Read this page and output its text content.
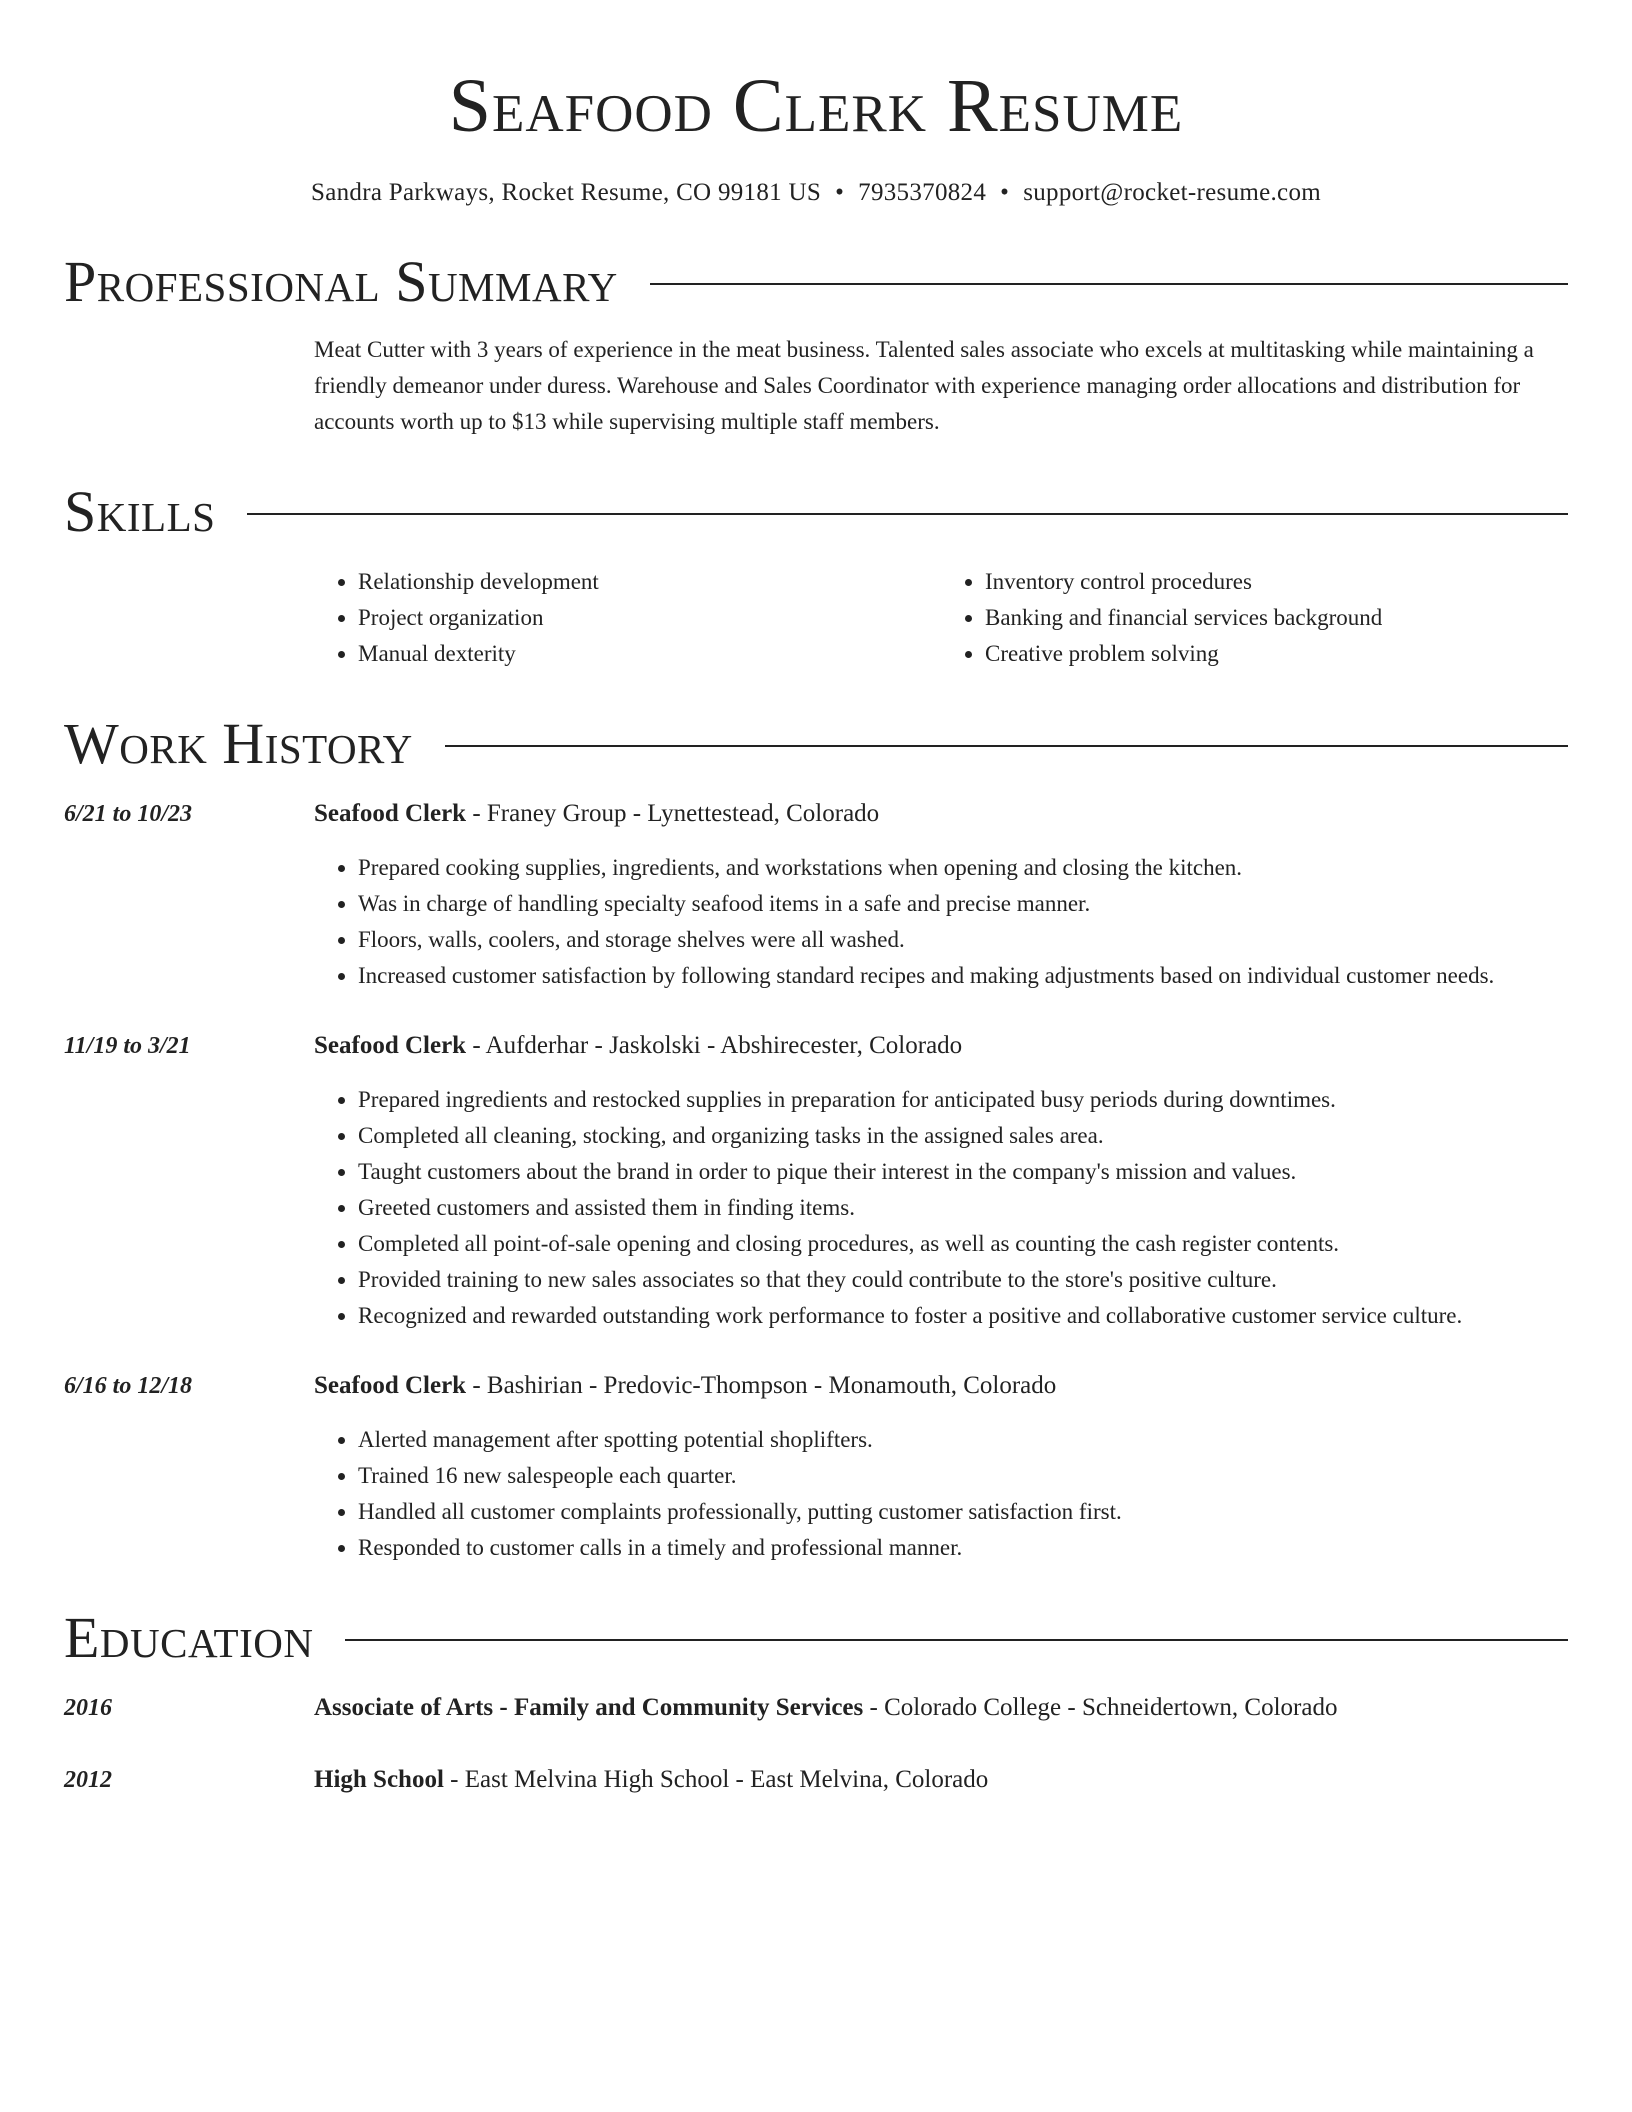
Seafood Clerk Resume
Sandra Parkways, Rocket Resume, CO 99181 US • 7935370824 • support@rocket-resume.com
Professional Summary
Meat Cutter with 3 years of experience in the meat business. Talented sales associate who excels at multitasking while maintaining a friendly demeanor under duress. Warehouse and Sales Coordinator with experience managing order allocations and distribution for accounts worth up to $13 while supervising multiple staff members.
Skills
• Relationship development
• Project organization
• Manual dexterity
• Inventory control procedures
• Banking and financial services background
• Creative problem solving
Work History
6/21 to 10/23	Seafood Clerk - Franey Group - Lynettestead, Colorado
• Prepared cooking supplies, ingredients, and workstations when opening and closing the kitchen.
• Was in charge of handling specialty seafood items in a safe and precise manner.
• Floors, walls, coolers, and storage shelves were all washed.
• Increased customer satisfaction by following standard recipes and making adjustments based on individual customer needs.
11/19 to 3/21	Seafood Clerk - Aufderhar - Jaskolski - Abshirecester, Colorado
• Prepared ingredients and restocked supplies in preparation for anticipated busy periods during downtimes.
• Completed all cleaning, stocking, and organizing tasks in the assigned sales area.
• Taught customers about the brand in order to pique their interest in the company's mission and values.
• Greeted customers and assisted them in finding items.
• Completed all point-of-sale opening and closing procedures, as well as counting the cash register contents.
• Provided training to new sales associates so that they could contribute to the store's positive culture.
• Recognized and rewarded outstanding work performance to foster a positive and collaborative customer service culture.
6/16 to 12/18	Seafood Clerk - Bashirian - Predovic-Thompson - Monamouth, Colorado
• Alerted management after spotting potential shoplifters.
• Trained 16 new salespeople each quarter.
• Handled all customer complaints professionally, putting customer satisfaction first.
• Responded to customer calls in a timely and professional manner.
Education
2016	Associate of Arts - Family and Community Services - Colorado College - Schneidertown, Colorado
2012	High School - East Melvina High School - East Melvina, Colorado
